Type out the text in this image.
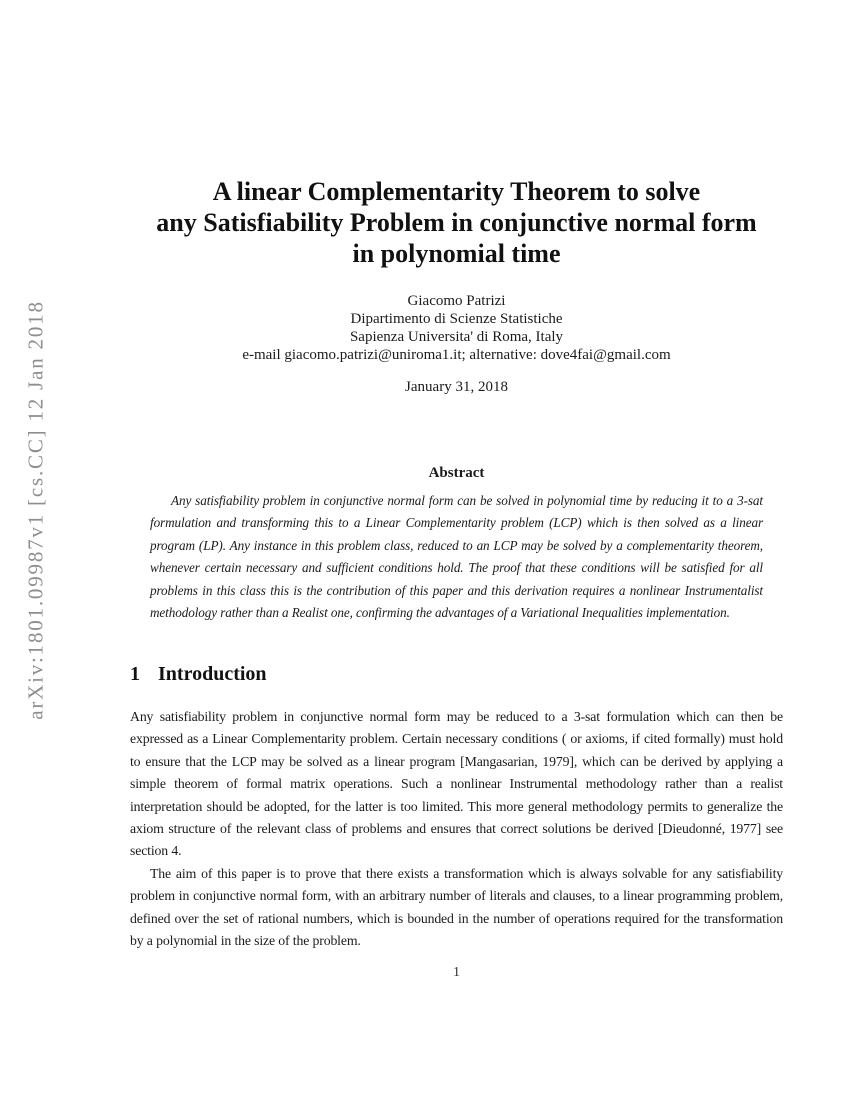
arXiv:1801.09987v1 [cs.CC] 12 Jan 2018
A linear Complementarity Theorem to solve
any Satisfiability Problem in conjunctive normal form
in polynomial time
Giacomo Patrizi
Dipartimento di Scienze Statistiche
Sapienza Universita' di Roma, Italy
e-mail giacomo.patrizi@uniroma1.it; alternative: dove4fai@gmail.com
January 31, 2018
Abstract

Any satisfiability problem in conjunctive normal form can be solved in polynomial time by reducing it to a 3-sat formulation and transforming this to a Linear Complementarity problem (LCP) which is then solved as a linear program (LP). Any instance in this problem class, reduced to an LCP may be solved by a complementarity theorem, whenever certain necessary and sufficient conditions hold. The proof that these conditions will be satisfied for all problems in this class this is the contribution of this paper and this derivation requires a nonlinear Instrumentalist methodology rather than a Realist one, confirming the advantages of a Variational Inequalities implementation.

1 Introduction

Any satisfiability problem in conjunctive normal form may be reduced to a 3-sat formulation which can then be expressed as a Linear Complementarity problem. Certain necessary conditions ( or axioms, if cited formally) must hold to ensure that the LCP may be solved as a linear program [Mangasarian, 1979], which can be derived by applying a simple theorem of formal matrix operations. Such a nonlinear Instrumental methodology rather than a realist interpretation should be adopted, for the latter is too limited. This more general methodology permits to generalize the axiom structure of the relevant class of problems and ensures that correct solutions be derived [Dieudonné, 1977] see section 4.

The aim of this paper is to prove that there exists a transformation which is always solvable for any satisfiability problem in conjunctive normal form, with an arbitrary number of literals and clauses, to a linear programming problem, defined over the set of rational numbers, which is bounded in the number of operations required for the transformation by a polynomial in the size of the problem.

1
